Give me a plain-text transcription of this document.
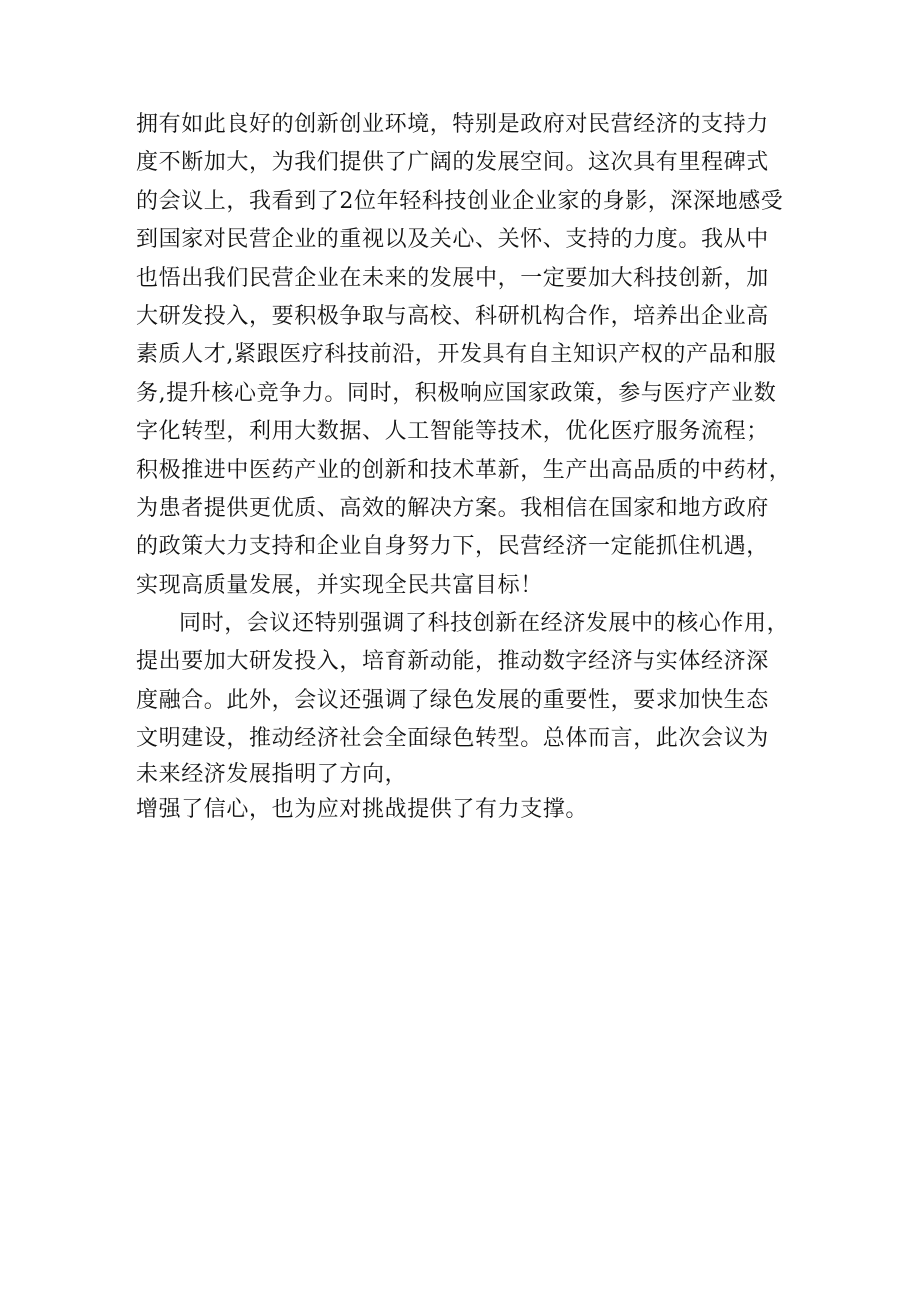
拥有如此良好的创新创业环境，特别是政府对民营经济的支持力
度不断加大，为我们提供了广阔的发展空间。这次具有里程碑式
的会议上，我看到了2位年轻科技创业企业家的身影，深深地感受
到国家对民营企业的重视以及关心、关怀、支持的力度。我从中
也悟出我们民营企业在未来的发展中，一定要加大科技创新，加
大研发投入，要积极争取与高校、科研机构合作，培养出企业高
素质人才,紧跟医疗科技前沿，开发具有自主知识产权的产品和服
务,提升核心竞争力。同时，积极响应国家政策，参与医疗产业数
字化转型，利用大数据、人工智能等技术，优化医疗服务流程；
积极推进中医药产业的创新和技术革新，生产出高品质的中药材，
为患者提供更优质、高效的解决方案。我相信在国家和地方政府
的政策大力支持和企业自身努力下，民营经济一定能抓住机遇，
实现高质量发展，并实现全民共富目标！
同时，会议还特别强调了科技创新在经济发展中的核心作用，
提出要加大研发投入，培育新动能，推动数字经济与实体经济深
度融合。此外，会议还强调了绿色发展的重要性，要求加快生态
文明建设，推动经济社会全面绿色转型。总体而言，此次会议为
未来经济发展指明了方向，
增强了信心，也为应对挑战提供了有力支撑。
